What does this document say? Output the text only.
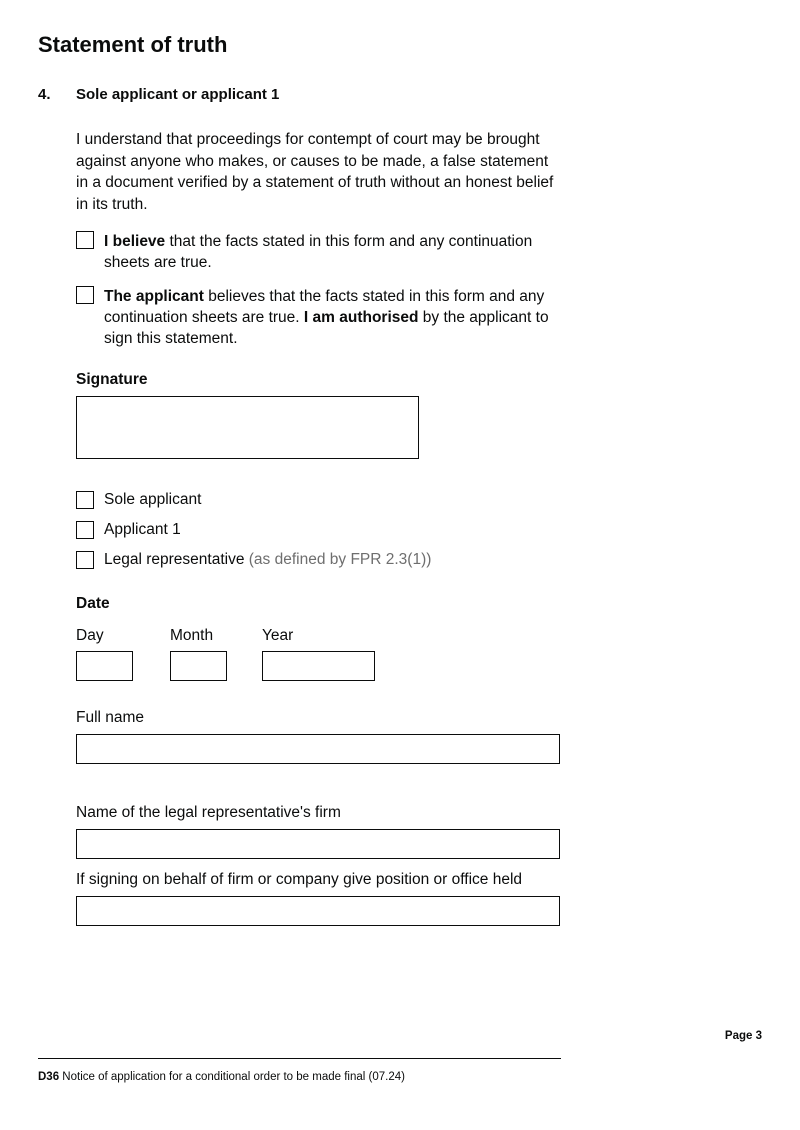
Statement of truth
4.	Sole applicant or applicant 1

I understand that proceedings for contempt of court may be brought against anyone who makes, or causes to be made, a false statement in a document verified by a statement of truth without an honest belief in its truth.

I believe that the facts stated in this form and any continuation sheets are true.

The applicant believes that the facts stated in this form and any continuation sheets are true. I am authorised by the applicant to sign this statement.

Signature

Sole applicant

Applicant 1

Legal representative (as defined by FPR 2.3(1))

Date

Day	Month	Year

Full name

Name of the legal representative's firm

If signing on behalf of firm or company give position or office held

Page 3

D36 Notice of application for a conditional order to be made final (07.24)
